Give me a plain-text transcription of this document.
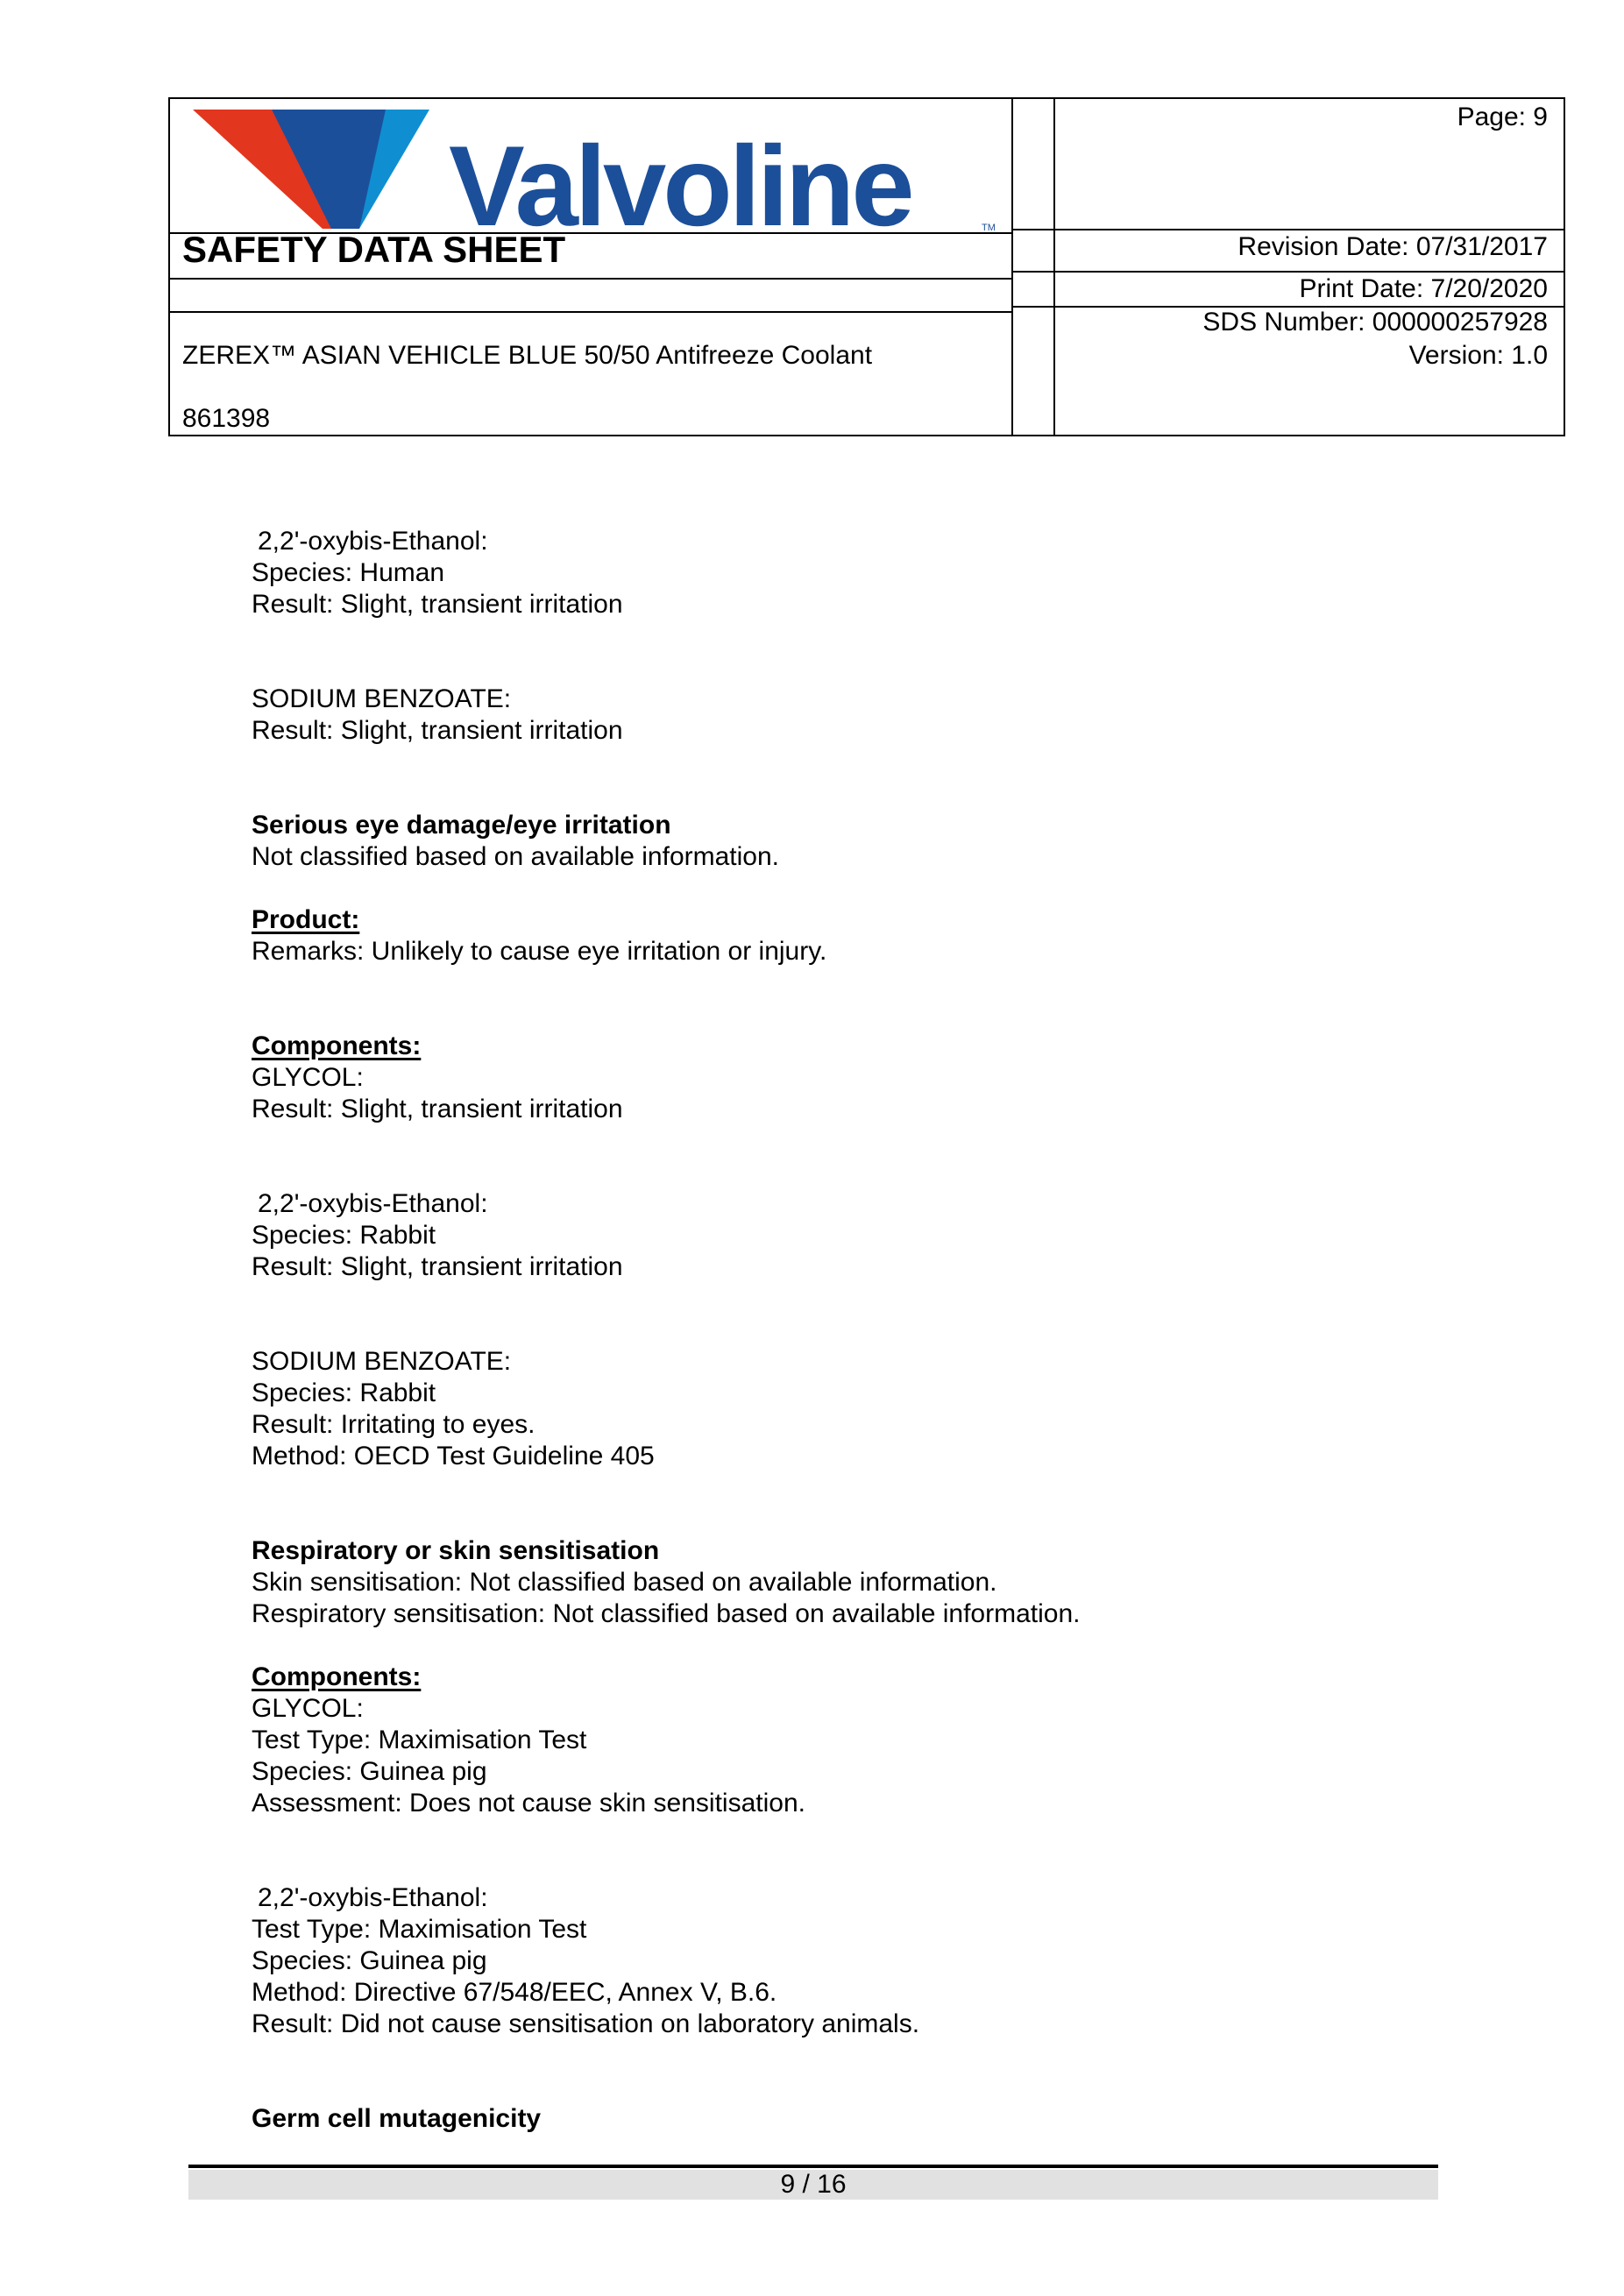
Valvoline	TM
SAFETY DATA SHEET
ZEREX™ ASIAN VEHICLE BLUE 50/50 Antifreeze Coolant
861398
Page: 9
Revision Date: 07/31/2017
Print Date: 7/20/2020
SDS Number: 000000257928
Version: 1.0
2,2'-oxybis-Ethanol:
Species: Human
Result: Slight, transient irritation
SODIUM BENZOATE:
Result: Slight, transient irritation
Serious eye damage/eye irritation
Not classified based on available information.
Product:
Remarks: Unlikely to cause eye irritation or injury.
Components:
GLYCOL:
Result: Slight, transient irritation
2,2'-oxybis-Ethanol:
Species: Rabbit
Result: Slight, transient irritation
SODIUM BENZOATE:
Species: Rabbit
Result: Irritating to eyes.
Method: OECD Test Guideline 405
Respiratory or skin sensitisation
Skin sensitisation: Not classified based on available information.
Respiratory sensitisation: Not classified based on available information.
Components:
GLYCOL:
Test Type: Maximisation Test
Species: Guinea pig
Assessment: Does not cause skin sensitisation.
2,2'-oxybis-Ethanol:
Test Type: Maximisation Test
Species: Guinea pig
Method: Directive 67/548/EEC, Annex V, B.6.
Result: Did not cause sensitisation on laboratory animals.
Germ cell mutagenicity
9 / 16
